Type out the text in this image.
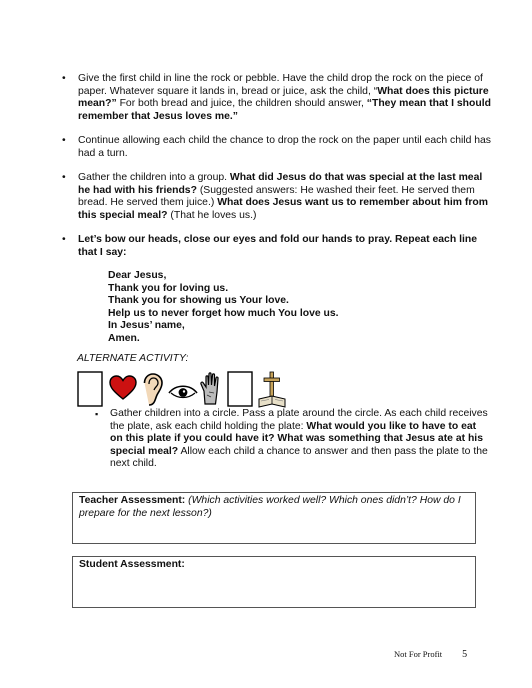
• Give the first child in line the rock or pebble. Have the child drop the rock on the piece of paper. Whatever square it lands in, bread or juice, ask the child, “What does this picture mean?” For both bread and juice, the children should answer, “They mean that I should remember that Jesus loves me.”
• Continue allowing each child the chance to drop the rock on the paper until each child has had a turn.
• Gather the children into a group. What did Jesus do that was special at the last meal he had with his friends? (Suggested answers: He washed their feet. He served them bread. He served them juice.) What does Jesus want us to remember about him from this special meal? (That he loves us.)
• Let’s bow our heads, close our eyes and fold our hands to pray. Repeat each line that I say:
Dear Jesus,
Thank you for loving us.
Thank you for showing us Your love.
Help us to never forget how much You love us.
In Jesus’ name,
Amen.
ALTERNATE ACTIVITY:
▪ Gather children into a circle. Pass a plate around the circle. As each child receives the plate, ask each child holding the plate: What would you like to have to eat on this plate if you could have it? What was something that Jesus ate at his special meal? Allow each child a chance to answer and then pass the plate to the next child.
Teacher Assessment: (Which activities worked well? Which ones didn’t? How do I prepare for the next lesson?)
Student Assessment:
Not For Profit 5
